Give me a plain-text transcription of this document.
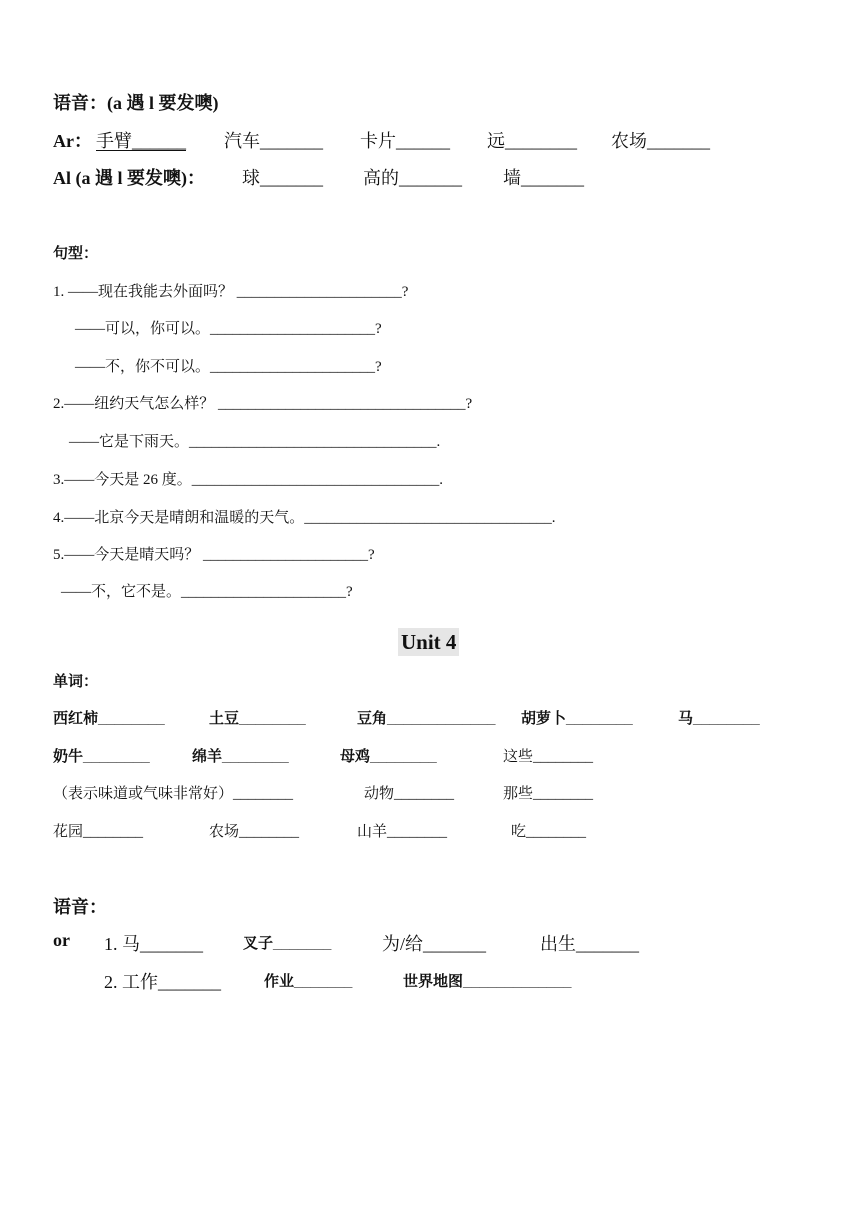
语音：(a 遇 l 要发噢)
Ar： 手臂______ 汽车_______ 卡片______ 远________ 农场_______
Al (a 遇 l 要发噢)： 球_______ 高的_______ 墙_______
句型：
1. ——现在我能去外面吗？ ______________________?
——可以，你可以。______________________?
——不，你不可以。______________________?
2.——纽约天气怎么样？ _________________________________?
——它是下雨天。_________________________________.
3.——今天是 26 度。_________________________________.
4.——北京今天是晴朗和温暖的天气。_________________________________.
5.——今天是晴天吗？ ______________________?
——不，它不是。______________________?
Unit 4
单词：
西红柿________	土豆________	豆角_____________ 胡萝卜________	马________
奶牛________	绵羊________	母鸡________	这些________
（表示味道或气味非常好）________	动物________	那些________
花园________	农场________	山羊________	吃________
语音：
or 1. 马_______	叉子_______	为/给_______	出生_______
2. 工作_______	作业_______	世界地图_____________
